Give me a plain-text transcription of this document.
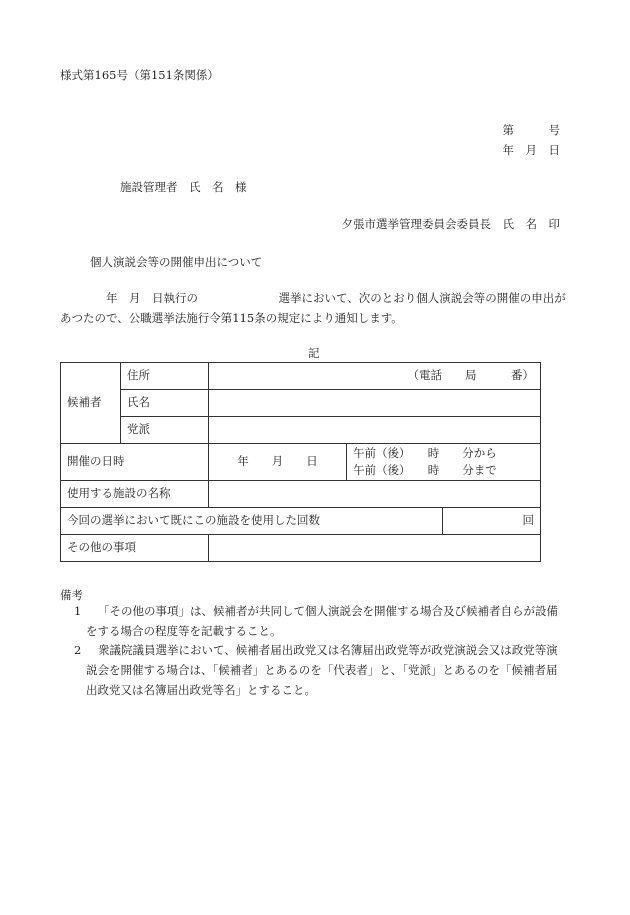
様式第165号（第151条関係）
第　　　号
年　月　日
施設管理者　氏　名　様
夕張市選挙管理委員会委員長　氏　名　印
個人演説会等の開催申出について
年　月　日執行の　　　　　　　選挙において、次のとおり個人演説会等の開催の申出が
あつたので、公職選挙法施行令第115条の規定により通知します。
記
候補者	住所	（電話　　局　　　番）		
	氏名			
	党派			
開催の日時		年　　月　　日	午前（後）　　時　　分から
午前（後）　　時　　分まで	

使用する施設の名称				
今回の選挙において既にこの施設を使用した回数				回
その他の事項				
備考
1 「その他の事項」は、候補者が共同して個人演説会を開催する場合及び候補者自らが設備
をする場合の程度等を記載すること。
2 衆議院議員選挙において、候補者届出政党又は名簿届出政党等が政党演説会又は政党等演
説会を開催する場合は、「候補者」とあるのを「代表者」と、「党派」とあるのを「候補者届
出政党又は名簿届出政党等名」とすること。
